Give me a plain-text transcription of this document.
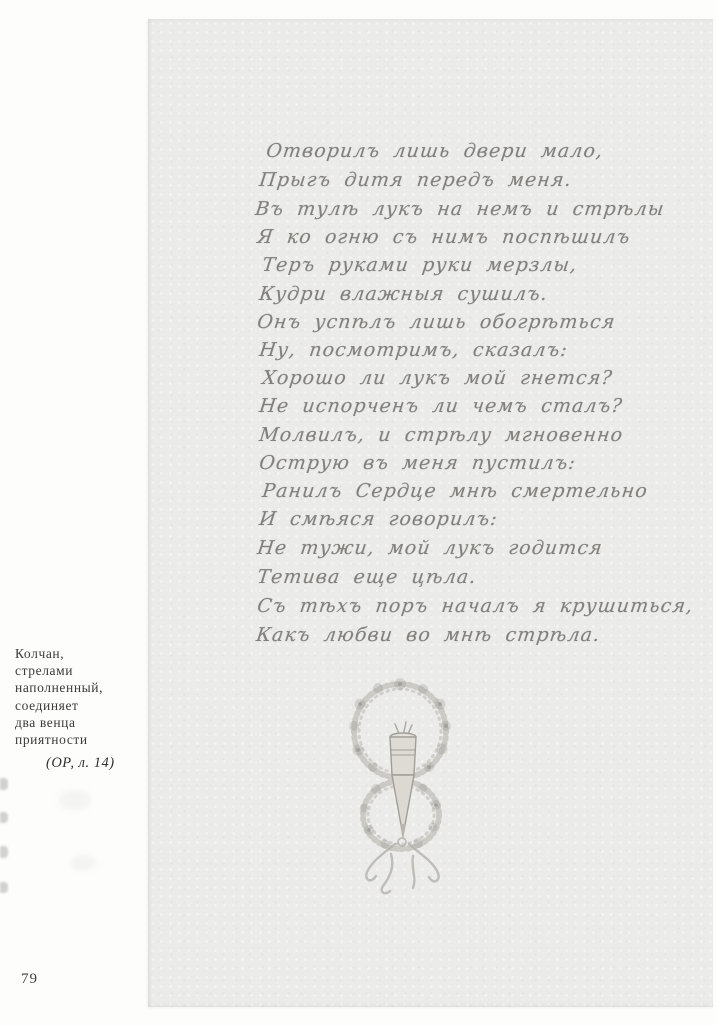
Колчан,
стрелами
наполненный,
соединяет
два венца
приятности
(ОР, л. 14)
79
Отворилъ лишь двери мало,
Прыгъ дитя передъ меня.
Въ тулѣ лукъ на немъ и стрѣлы
Я ко огню съ нимъ поспѣшилъ
Теръ руками руки мерзлы,
Кудри влажныя сушилъ.
Онъ успѣлъ лишь обогрѣться
Ну, посмотримъ, сказалъ:
Хорошо ли лукъ мой гнется?
Не испорченъ ли чемъ сталъ?
Молвилъ, и стрѣлу мгновенно
Острую въ меня пустилъ:
Ранилъ Сердце мнѣ смертельно
И смѣяся говорилъ:
Не тужи, мой лукъ годится
Тетива еще цѣла.
Съ тѣхъ поръ началъ я крушиться,
Какъ любви во мнѣ стрѣла.
